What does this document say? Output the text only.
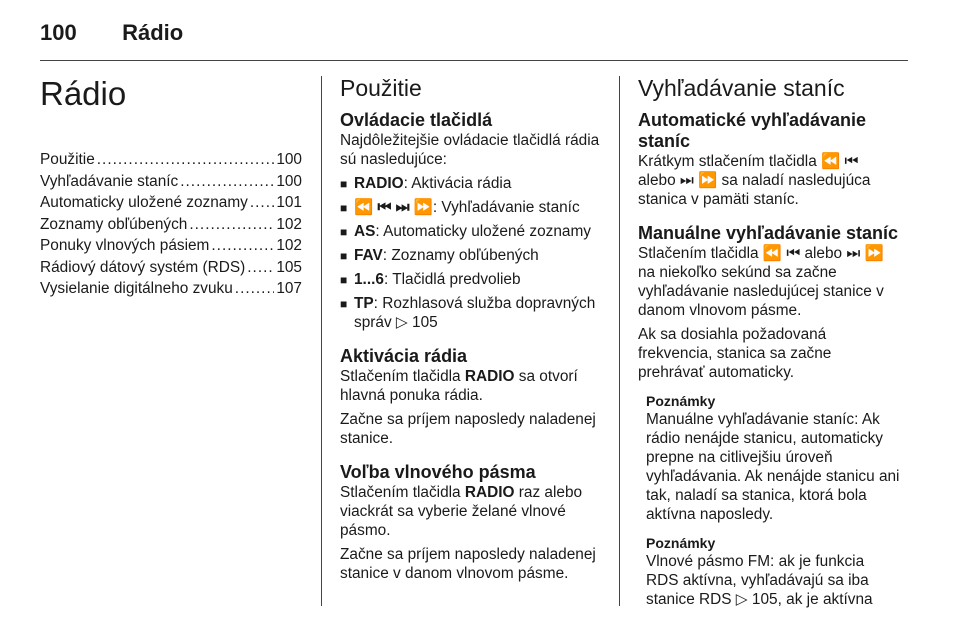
100 Rádio
Rádio
Použitie .....	100
Vyhľadávanie staníc .....	100
Automaticky uložené zoznamy ..... 101
Zoznamy obľúbených .....	102
Ponuky vlnových pásiem .....	102
Rádiový dátový systém (RDS) ..... 105
Vysielanie digitálneho zvuku .....	107
Použitie
Ovládacie tlačidlá

Najdôležitejšie ovládacie tlačidlá rádia sú nasledujúce:

■ RADIO: Aktivácia rádia
■ ⏪ ⏮ ⏭ ⏩: Vyhľadávanie staníc
■ AS: Automaticky uložené zoznamy
■ FAV: Zoznamy obľúbených
■ 1...6: Tlačidlá predvolieb
■ TP: Rozhlasová služba dopravných správ ▷ 105
Aktivácia rádia

Stlačením tlačidla RADIO sa otvorí hlavná ponuka rádia.

Začne sa príjem naposledy naladenej stanice.

Voľba vlnového pásma

Stlačením tlačidla RADIO raz alebo viackrát sa vyberie želané vlnové pásmo.

Začne sa príjem naposledy naladenej stanice v danom vlnovom pásme.

Vyhľadávanie staníc
Automatické vyhľadávanie staníc

Krátkym stlačením tlačidla ⏪ ⏮ alebo ⏭ ⏩ sa naladí nasledujúca stanica v pamäti staníc.

Manuálne vyhľadávanie staníc

Stlačením tlačidla ⏪ ⏮ alebo ⏭ ⏩ na niekoľko sekúnd sa začne vyhľadávanie nasledujúcej stanice v danom vlnovom pásme.

Ak sa dosiahla požadovaná frekvencia, stanica sa začne prehrávať automaticky.

Poznámky
Manuálne vyhľadávanie staníc: Ak rádio nenájde stanicu, automaticky prepne na citlivejšiu úroveň vyhľadávania. Ak nenájde stanicu ani tak, naladí sa stanica, ktorá bola aktívna naposledy.
Poznámky
Vlnové pásmo FM: ak je funkcia RDS aktívna, vyhľadávajú sa iba stanice RDS ▷ 105, ak je aktívna
